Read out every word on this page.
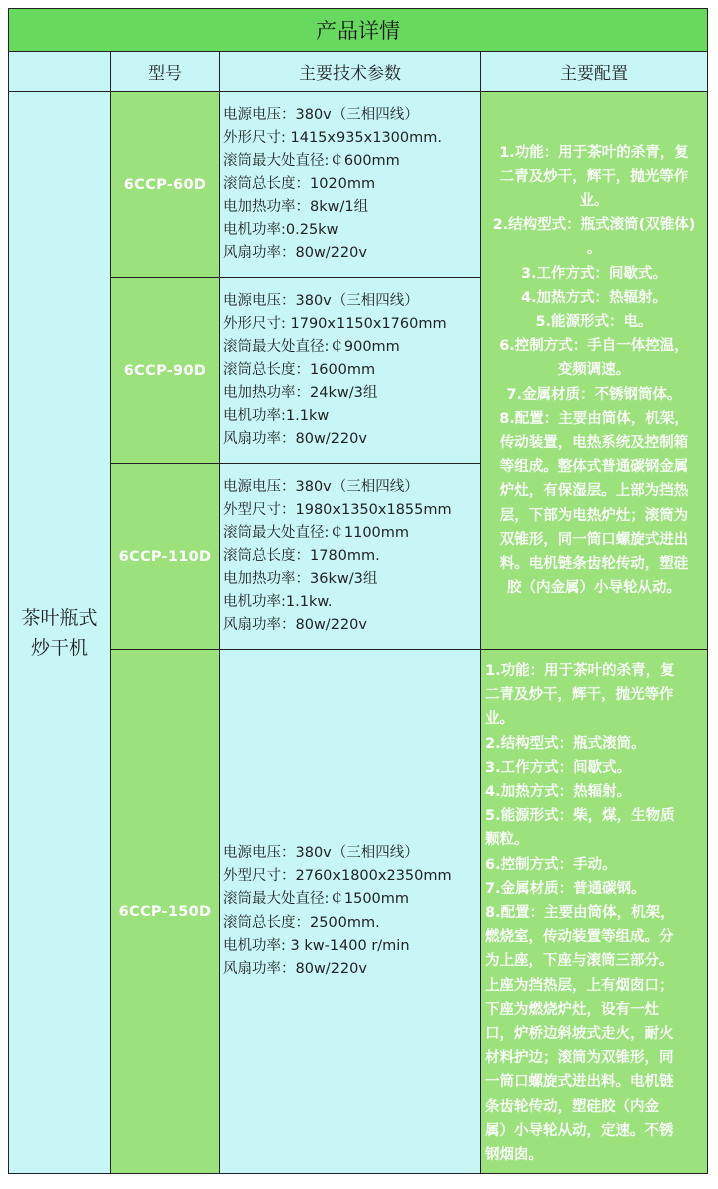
产品详情
型号	主要技术参数	主要配置
茶叶瓶式
炒干机
6CCP-60D
电源电压：380v（三相四线）
外形尺寸: 1415x935x1300mm.
滚筒最大处直径:￠600mm
滚筒总长度：1020mm
电加热功率：8kw/1组
电机功率:0.25kw
风扇功率：80w/220v
6CCP-90D
电源电压：380v（三相四线）
外形尺寸: 1790x1150x1760mm
滚筒最大处直径:￠900mm
滚筒总长度：1600mm
电加热功率：24kw/3组
电机功率:1.1kw
风扇功率：80w/220v
6CCP-110D
电源电压：380v（三相四线）
外型尺寸：1980x1350x1855mm
滚筒最大处直径:￠1100mm
滚筒总长度：1780mm.
电加热功率：36kw/3组
电机功率:1.1kw.
风扇功率：80w/220v
6CCP-150D
电源电压：380v（三相四线）
外型尺寸：2760x1800x2350mm
滚筒最大处直径:￠1500mm
滚筒总长度：2500mm.
电机功率: 3 kw-1400 r/min
风扇功率：80w/220v
1.功能：用于茶叶的杀青，复
二青及炒干，辉干，抛光等作
业。
2.结构型式：瓶式滚筒(双锥体)
。
3.工作方式：间歇式。
4.加热方式：热辐射。
5.能源形式：电。
6.控制方式：手自一体控温，
变频调速。
7.金属材质：不锈钢筒体。
8.配置：主要由筒体，机架，
传动装置，电热系统及控制箱
等组成。整体式普通碳钢金属
炉灶，有保湿层。上部为挡热
层，下部为电热炉灶；滚筒为
双锥形，同一筒口螺旋式进出
料。电机链条齿轮传动，塑硅
胶（内金属）小导轮从动。
1.功能：用于茶叶的杀青，复
二青及炒干，辉干，抛光等作
业。
2.结构型式：瓶式滚筒。
3.工作方式：间歇式。
4.加热方式：热辐射。
5.能源形式：柴，煤，生物质
颗粒。
6.控制方式：手动。
7.金属材质：普通碳钢。
8.配置：主要由筒体，机架，
燃烧室，传动装置等组成。分
为上座，下座与滚筒三部分。
上座为挡热层，上有烟囱口；
下座为燃烧炉灶，设有一灶
口，炉桥边斜坡式走火，耐火
材料护边；滚筒为双锥形，同
一筒口螺旋式进出料。电机链
条齿轮传动，塑硅胶（内金
属）小导轮从动，定速。不锈
钢烟囱。
